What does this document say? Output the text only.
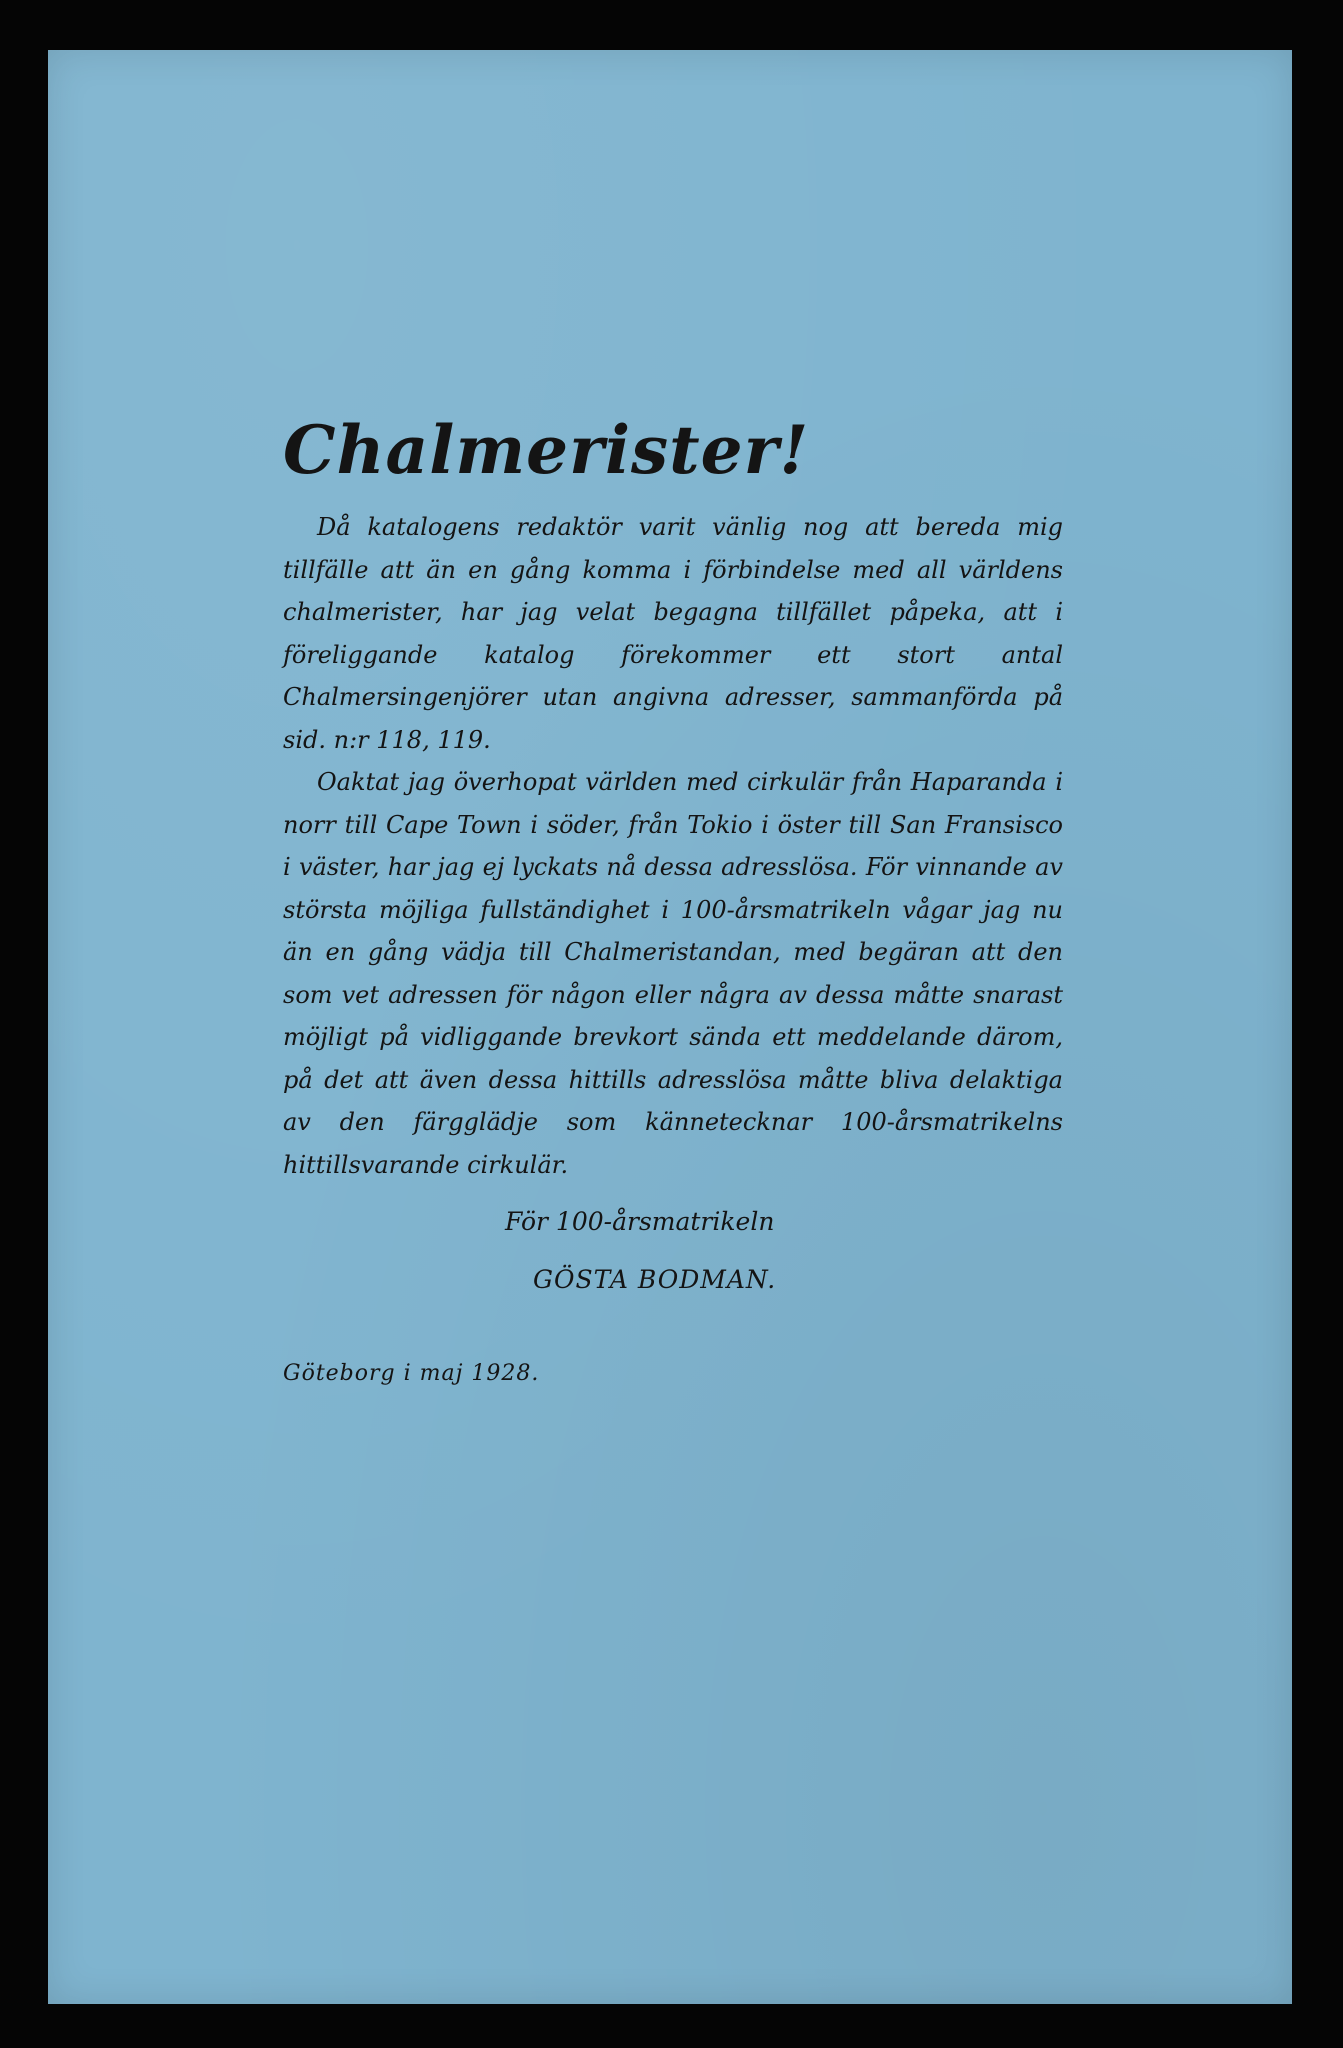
Chalmerister!

Då katalogens redaktör varit vänlig nog att bereda mig tillfälle att än en gång komma i förbindelse med all världens chalmerister, har jag velat begagna tillfället påpeka, att i föreliggande katalog förekommer ett stort antal Chalmersingenjörer utan angivna adresser, sammanförda på sid. n:r 118, 119.

Oaktat jag överhopat världen med cirkulär från Haparanda i norr till Cape Town i söder, från Tokio i öster till San Fransisco i väster, har jag ej lyckats nå dessa adresslösa. För vinnande av största möjliga fullständighet i 100-årsmatrikeln vågar jag nu än en gång vädja till Chalmeristandan, med begäran att den som vet adressen för någon eller några av dessa måtte snarast möjligt på vidliggande brevkort sända ett meddelande därom, på det att även dessa hittills adresslösa måtte bliva delaktiga av den färgglädje som kännetecknar 100-årsmatrikelns hittillsvarande cirkulär.

För 100-årsmatrikeln
GÖSTA BODMAN.
Göteborg i maj 1928.
